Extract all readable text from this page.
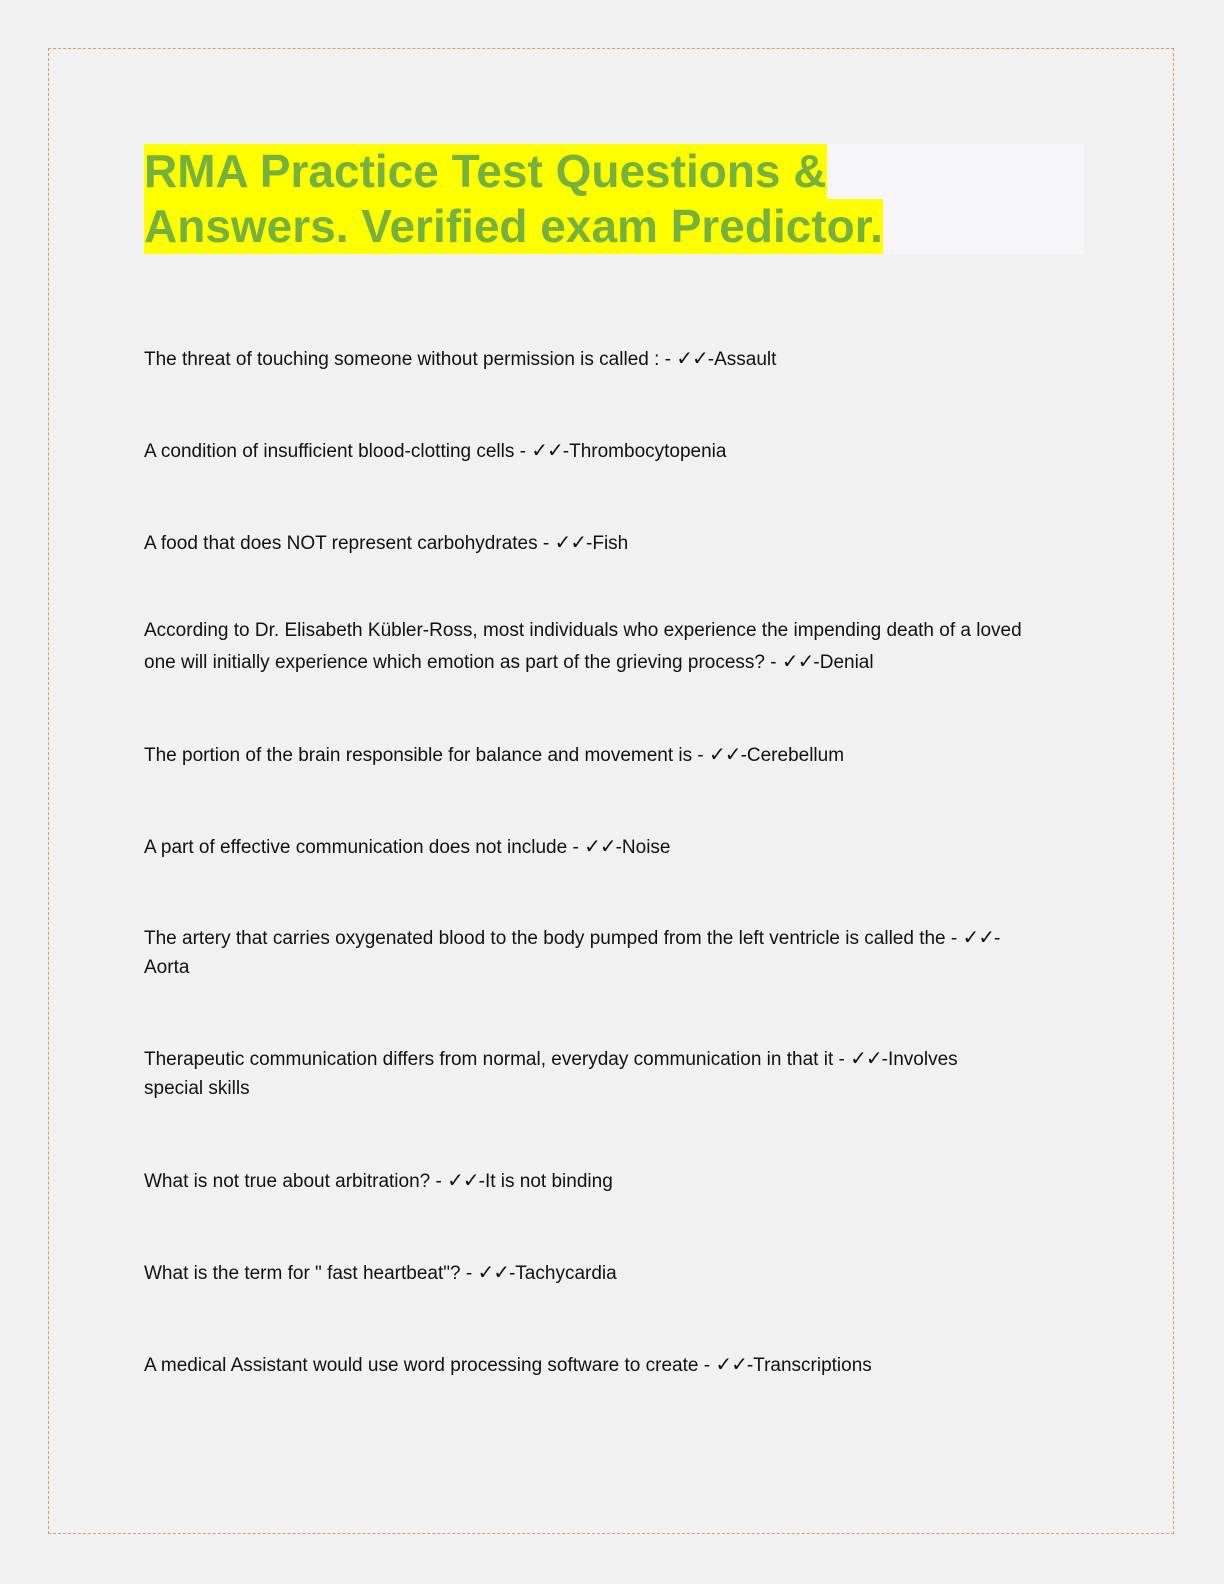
RMA Practice Test Questions &
Answers. Verified exam Predictor.

The threat of touching someone without permission is called : - ✓✓-Assault

A condition of insufficient blood-clotting cells - ✓✓-Thrombocytopenia

A food that does NOT represent carbohydrates - ✓✓-Fish

According to Dr. Elisabeth Kübler-Ross, most individuals who experience the impending death of a loved
one will initially experience which emotion as part of the grieving process? - ✓✓-Denial

The portion of the brain responsible for balance and movement is - ✓✓-Cerebellum

A part of effective communication does not include - ✓✓-Noise

The artery that carries oxygenated blood to the body pumped from the left ventricle is called the - ✓✓-
Aorta

Therapeutic communication differs from normal, everyday communication in that it - ✓✓-Involves
special skills

What is not true about arbitration? - ✓✓-It is not binding

What is the term for " fast heartbeat"? - ✓✓-Tachycardia

A medical Assistant would use word processing software to create - ✓✓-Transcriptions
